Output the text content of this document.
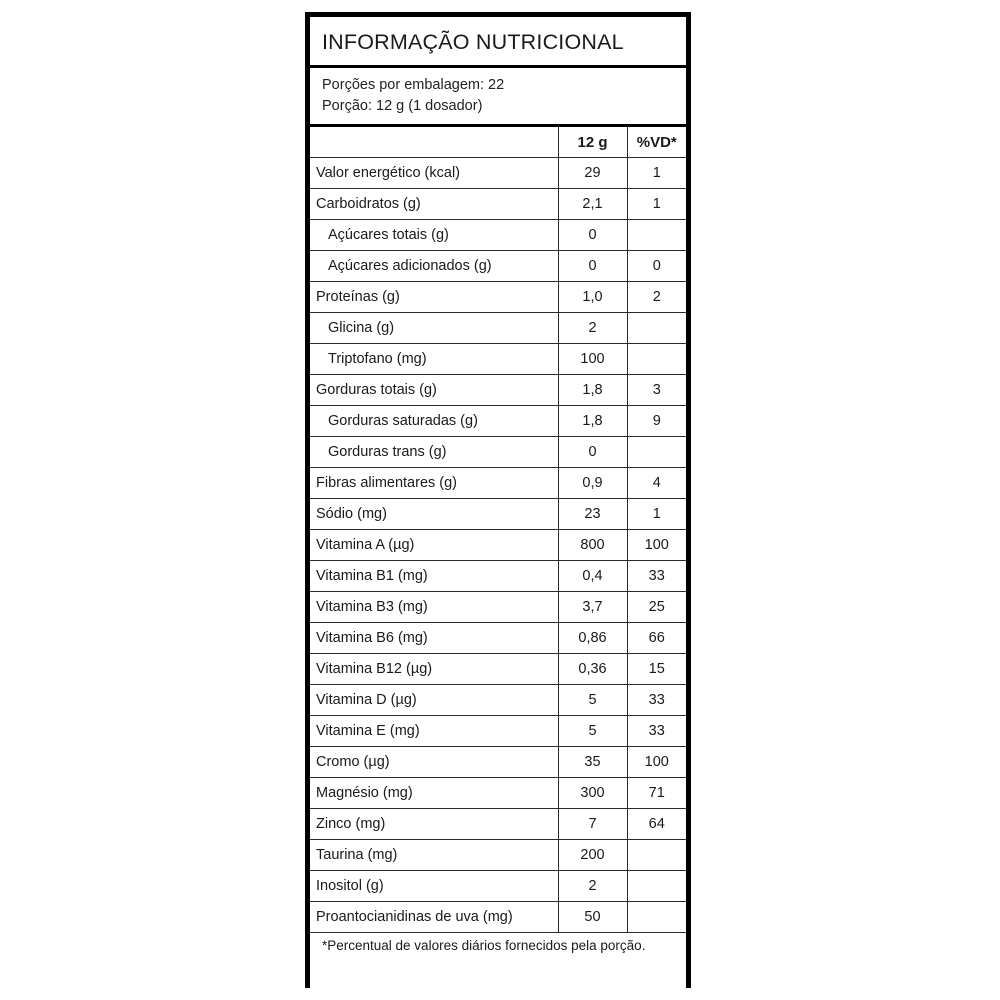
INFORMAÇÃO NUTRICIONAL
Porções por embalagem: 22
Porção: 12 g (1 dosador)
	12 g	%VD*
Valor energético (kcal)	29	1
Carboidratos (g)	2,1	1
Açúcares totais (g)	0	
Açúcares adicionados (g)	0	0
Proteínas (g)	1,0	2
Glicina (g)	2	
Triptofano (mg)	100	
Gorduras totais (g)	1,8	3
Gorduras saturadas (g)	1,8	9
Gorduras trans (g)	0	
Fibras alimentares (g)	0,9	4
Sódio (mg)	23	1
Vitamina A (µg)	800	100
Vitamina B1 (mg)	0,4	33
Vitamina B3 (mg)	3,7	25
Vitamina B6 (mg)	0,86	66
Vitamina B12 (µg)	0,36	15
Vitamina D (µg)	5	33
Vitamina E (mg)	5	33
Cromo (µg)	35	100
Magnésio (mg)	300	71
Zinco (mg)	7	64
Taurina (mg)	200	
Inositol (g)	2	
Proantocianidinas de uva (mg)	50	
*Percentual de valores diários fornecidos pela porção.
